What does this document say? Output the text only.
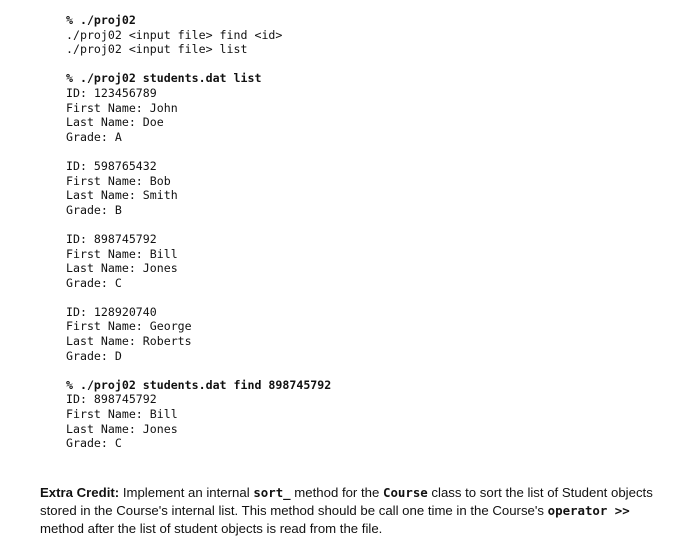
% ./proj02
./proj02 <input file> find <id>
./proj02 <input file> list
% ./proj02 students.dat list
ID: 123456789
First Name: John
Last Name: Doe
Grade: A
ID: 598765432
First Name: Bob
Last Name: Smith
Grade: B
ID: 898745792
First Name: Bill
Last Name: Jones
Grade: C
ID: 128920740
First Name: George
Last Name: Roberts
Grade: D
% ./proj02 students.dat find 898745792
ID: 898745792
First Name: Bill
Last Name: Jones
Grade: C
Extra Credit: Implement an internal sort_ method for the Course class to sort the list of Student objects stored in the Course's internal list. This method should be call one time in the Course's operator >> method after the list of student objects is read from the file.
